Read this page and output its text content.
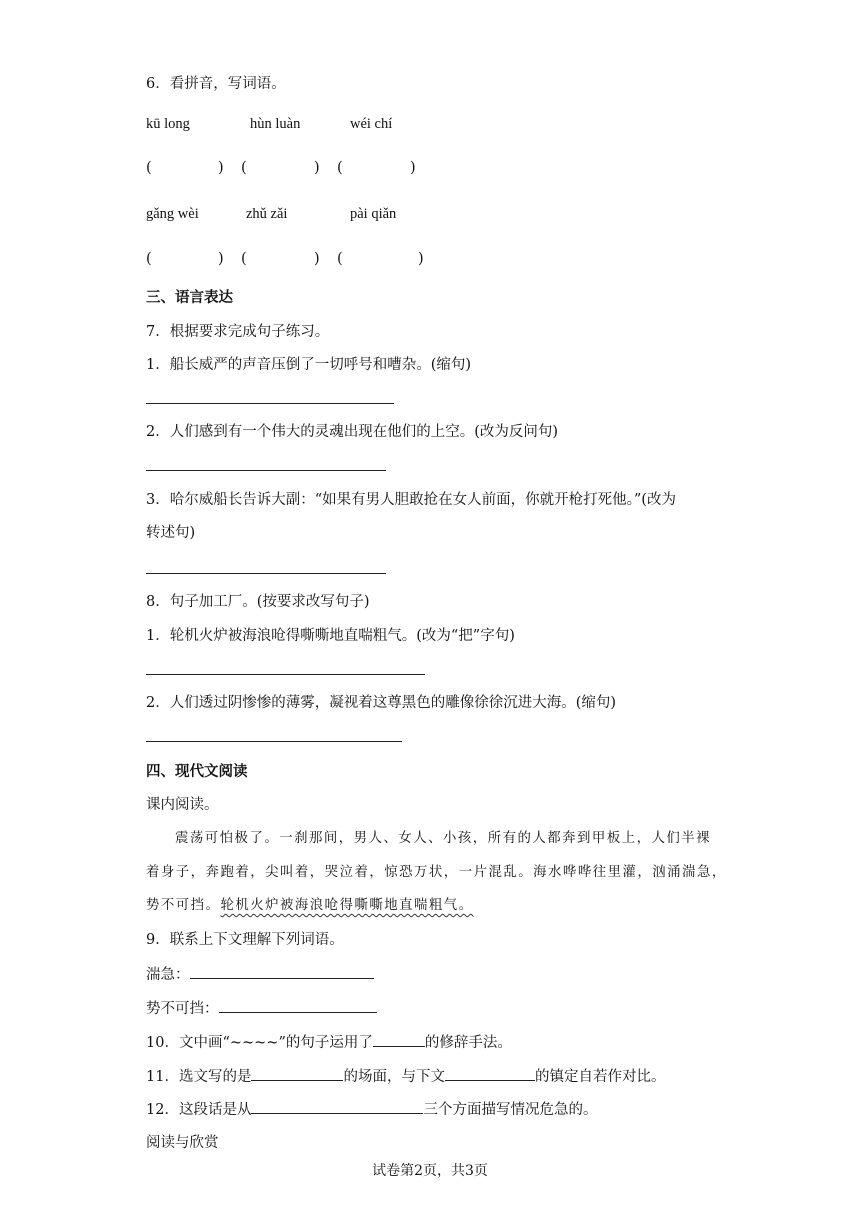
6．看拼音，写词语。
kū long	hùn luàn	wéi chí
(	) (	) (	)
gǎng wèi	zhǔ zǎi	pài qiǎn
(	) (	) (	)
三、语言表达
7．根据要求完成句子练习。
1．船长威严的声音压倒了一切呼号和嘈杂。(缩句)
2．人们感到有一个伟大的灵魂出现在他们的上空。(改为反问句)
3．哈尔威船长告诉大副：“如果有男人胆敢抢在女人前面，你就开枪打死他。”(改为
转述句)
8．句子加工厂。(按要求改写句子)
1．轮机火炉被海浪呛得嘶嘶地直喘粗气。(改为“把”字句)
2．人们透过阴惨惨的薄雾，凝视着这尊黑色的雕像徐徐沉进大海。(缩句)
四、现代文阅读
课内阅读。
震荡可怕极了。一刹那间，男人、女人、小孩，所有的人都奔到甲板上，人们半裸
着身子，奔跑着，尖叫着，哭泣着，惊恐万状，一片混乱。海水哗哗往里灌，汹涌湍急，
势不可挡。轮机火炉被海浪呛得嘶嘶地直喘粗气。
9．联系上下文理解下列词语。
湍急：
势不可挡：
10．文中画“~~~~”的句子运用了	的修辞手法。
11．选文写的是	的场面，与下文	的镇定自若作对比。
12．这段话是从	三个方面描写情况危急的。
阅读与欣赏
试卷第2页，共3页
